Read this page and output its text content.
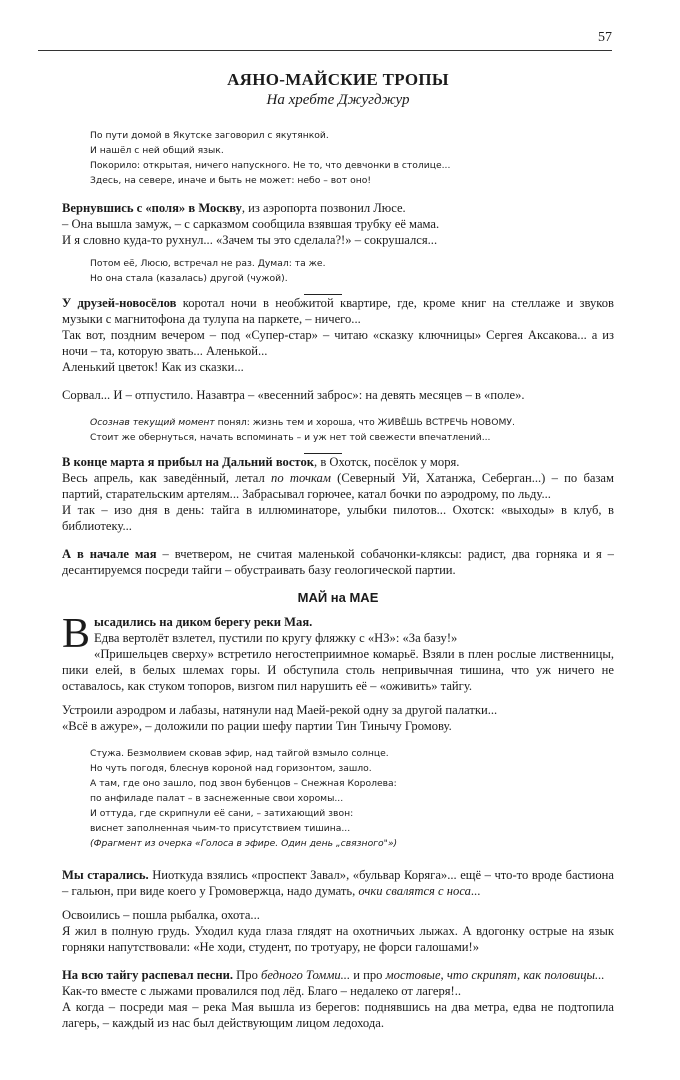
57
АЯНО-МАЙСКИЕ ТРОПЫ
На хребте Джугджур
По пути домой в Якутске заговорил с якутянкой.
И нашёл с ней общий язык.
Покорило: открытая, ничего напускного. Не то, что девчонки в столице...
Здесь, на севере, иначе и быть не может: небо – вот оно!
Вернувшись с «поля» в Москву, из аэропорта позвонил Люсе.
– Она вышла замуж, – с сарказмом сообщила взявшая трубку её мама.
И я словно куда-то рухнул... «Зачем ты это сделала?!» – сокрушался...
Потом её, Люсю, встречал не раз. Думал: та же.
Но она стала (казалась) другой (чужой).
У друзей-новосёлов коротал ночи в необжитой квартире, где, кроме книг на стеллаже и звуков музыки с магнитофона да тулупа на паркете, – ничего...
Так вот, поздним вечером – под «Супер-стар» – читаю «сказку ключницы» Сергея Аксакова... а из ночи – та, которую звать... Аленькой...
Аленький цветок! Как из сказки...
Сорвал... И – отпустило. Назавтра – «весенний заброс»: на девять месяцев – в «поле».
Осознав текущий момент понял: жизнь тем и хороша, что ЖИВЁШЬ ВСТРЕЧЬ НОВОМУ.
Стоит же обернуться, начать вспоминать – и уж нет той свежести впечатлений...
В конце марта я прибыл на Дальний восток, в Охотск, посёлок у моря.
Весь апрель, как заведённый, летал по точкам (Северный Уй, Хатанжа, Себерган...) – по базам партий, старательским артелям... Забрасывал горючее, катал бочки по аэродрому, по льду...
И так – изо дня в день: тайга в иллюминаторе, улыбки пилотов... Охотск: «выходы» в клуб, в библиотеку...
А в начале мая – вчетвером, не считая маленькой собачонки-кляксы: радист, два горняка и я – десантируемся посреди тайги – обустраивать базу геологической партии.
МАЙ на МАЕ
Высадились на диком берегу реки Мая.
Едва вертолёт взлетел, пустили по кругу фляжку с «НЗ»: «За базу!»
«Пришельцев сверху» встретило негостеприимное комарьё. Взяли в плен рослые лиственницы, пики елей, в белых шлемах горы. И обступила столь непривычная тишина, что уж ничего не оставалось, как стуком топоров, визгом пил нарушить её – «оживить» тайгу.
Устроили аэродром и лабазы, натянули над Маей-рекой одну за другой палатки...
«Всё в ажуре», – доложили по рации шефу партии Тин Тинычу Громову.
Стужа. Безмолвием сковав эфир, над тайгой взмыло солнце.
Но чуть погодя, блеснув короной над горизонтом, зашло.
А там, где оно зашло, под звон бубенцов – Снежная Королева:
по анфиладе палат – в заснеженные свои хоромы...
И оттуда, где скрипнули её сани, – затихающий звон:
виснет заполненная чьим-то присутствием тишина...
(Фрагмент из очерка «Голоса в эфире. Один день „связного"»)
Мы старались. Ниоткуда взялись «проспект Завал», «бульвар Коряга»... ещё – что-то вроде бастиона – гальюн, при виде коего у Громовержца, надо думать, очки свалятся с носа...
Освоились – пошла рыбалка, охота...
Я жил в полную грудь. Уходил куда глаза глядят на охотничьих лыжах. А вдогонку острые на язык горняки напутствовали: «Не ходи, студент, по тротуару, не форси галошами!»
На всю тайгу распевал песни. Про бедного Томми... и про мостовые, что скрипят, как половицы...
Как-то вместе с лыжами провалился под лёд. Благо – недалеко от лагеря!..
А когда – посреди мая – река Мая вышла из берегов: поднявшись на два метра, едва не подтопила лагерь, – каждый из нас был действующим лицом ледохода.
